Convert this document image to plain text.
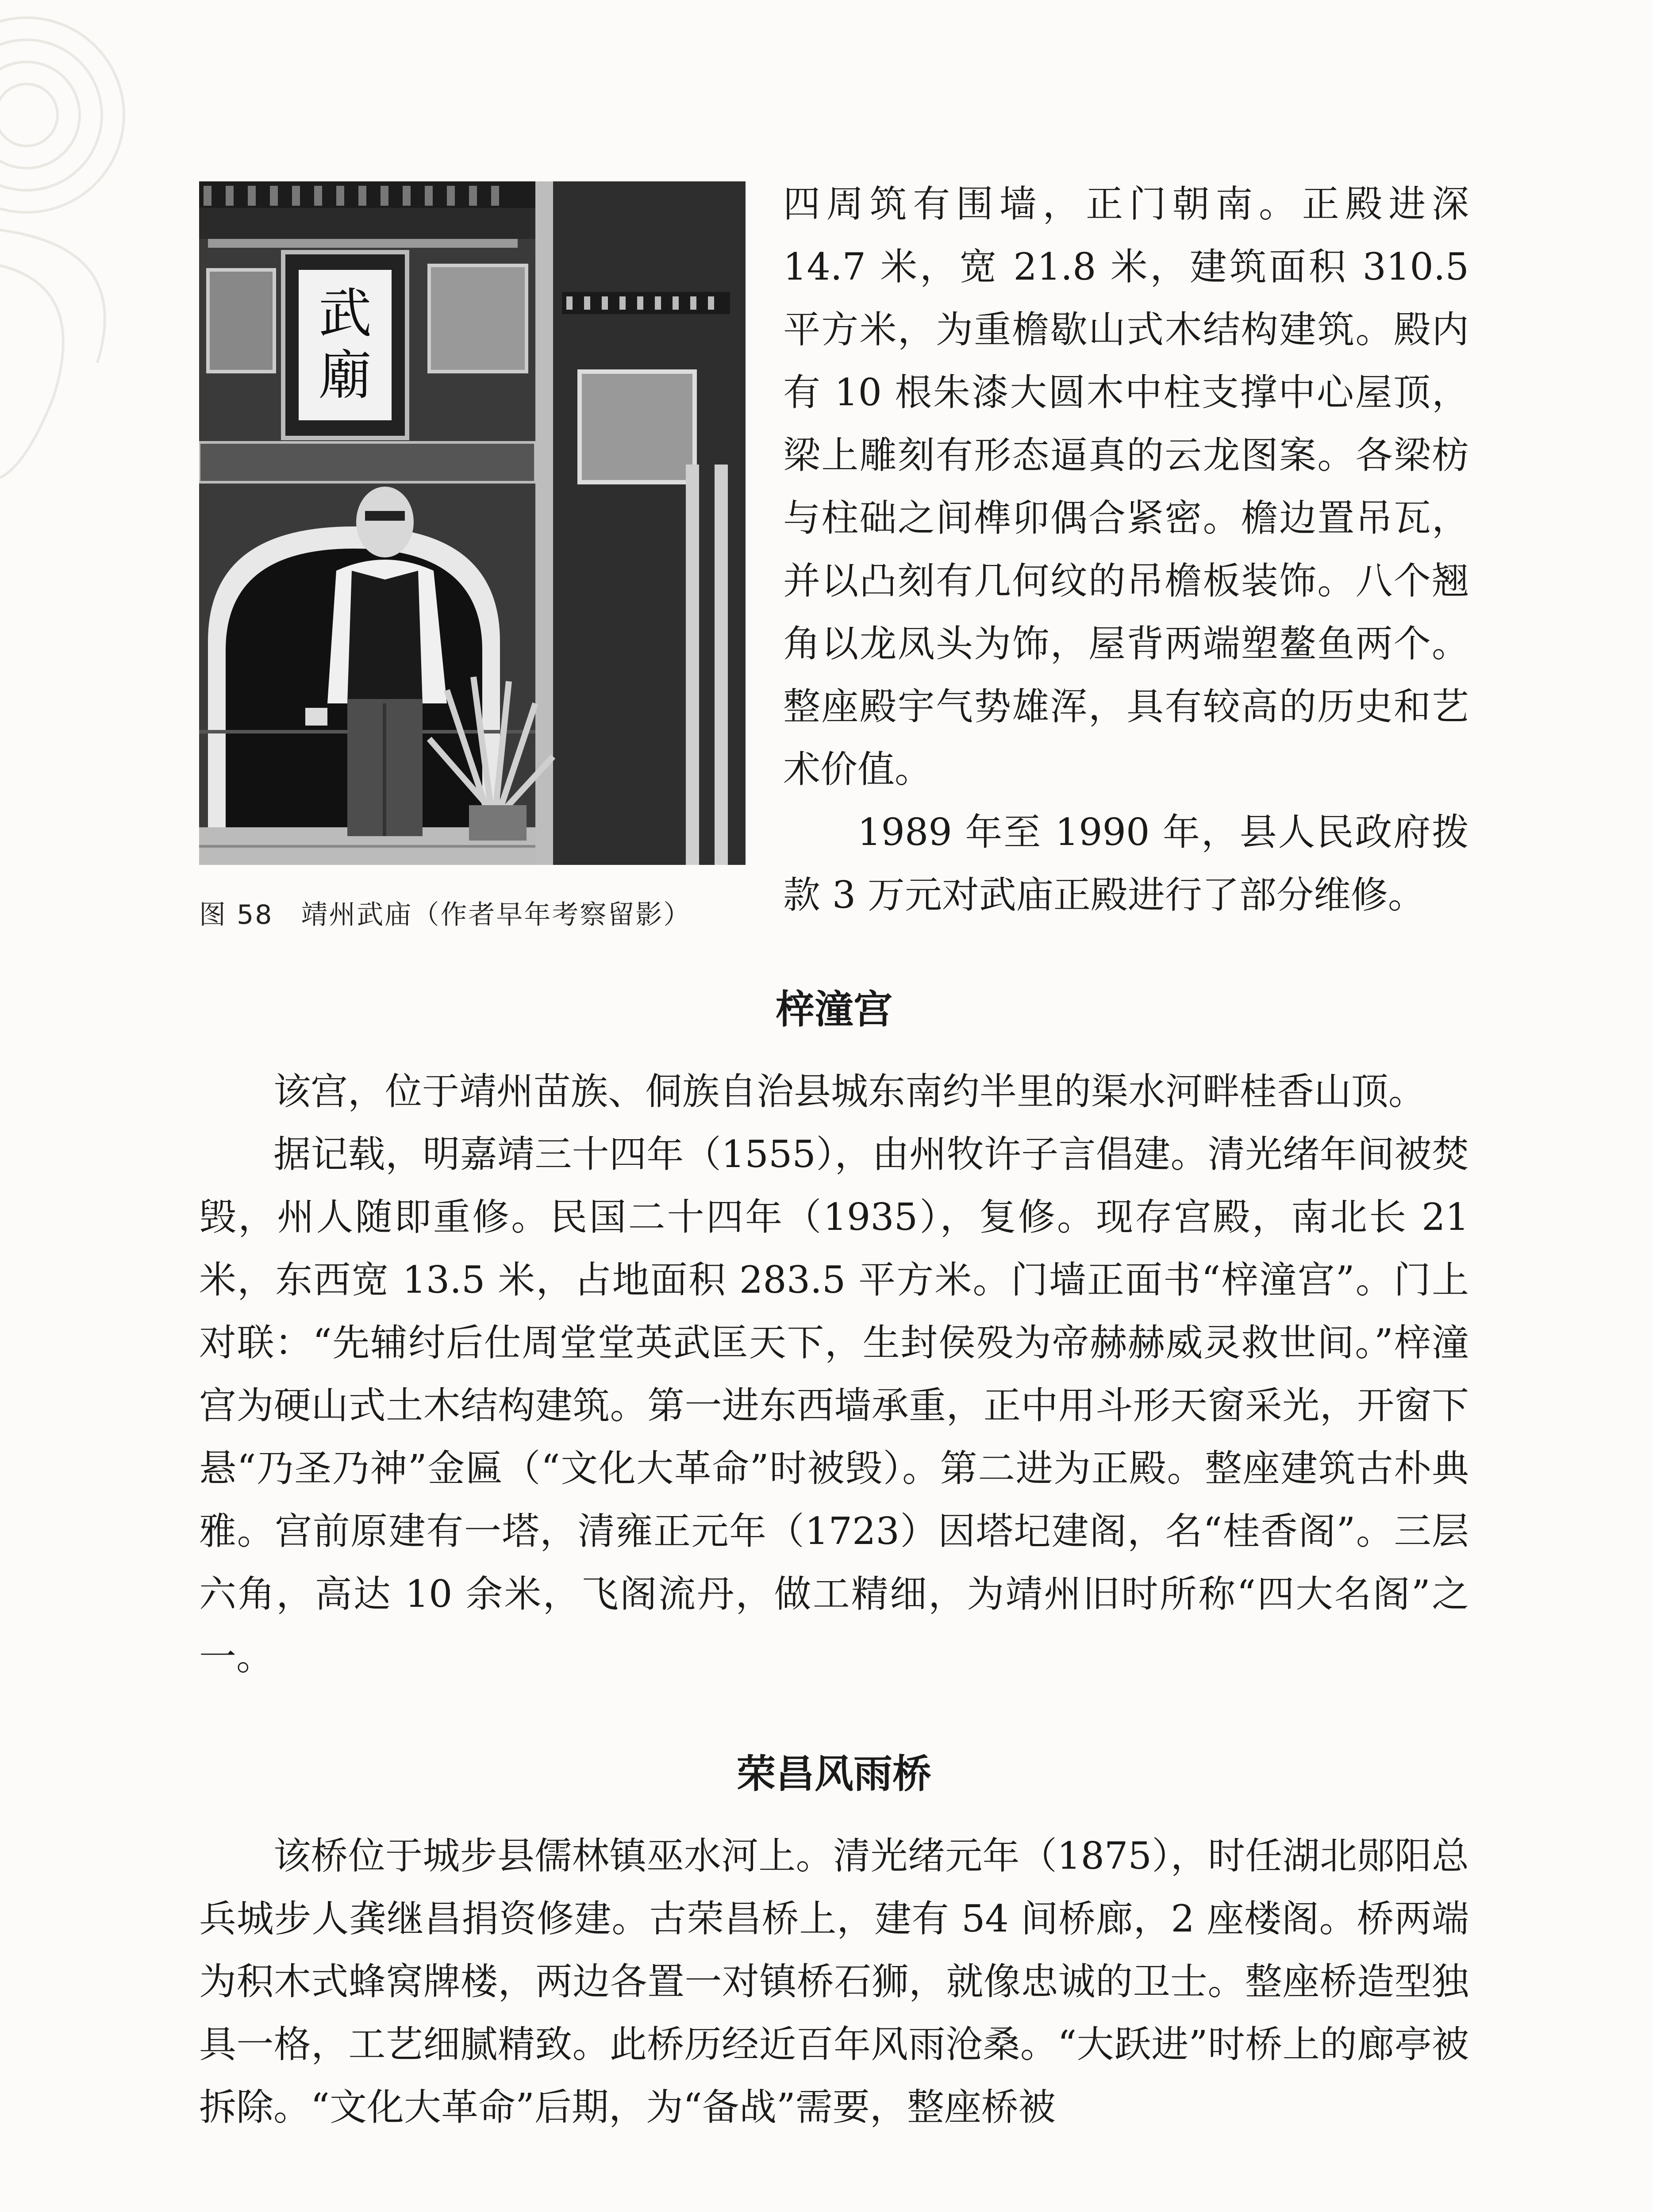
武
廟
图 58　靖州武庙（作者早年考察留影）

四周筑有围墙，正门朝南。正殿进深 14.7 米，宽 21.8 米，建筑面积 310.5 平方米，为重檐歇山式木结构建筑。殿内有 10 根朱漆大圆木中柱支撑中心屋顶，梁上雕刻有形态逼真的云龙图案。各梁枋与柱础之间榫卯偶合紧密。檐边置吊瓦，并以凸刻有几何纹的吊檐板装饰。八个翘角以龙凤头为饰，屋背两端塑鳌鱼两个。整座殿宇气势雄浑，具有较高的历史和艺术价值。

1989 年至 1990 年，县人民政府拨款 3 万元对武庙正殿进行了部分维修。

梓潼宫

该宫，位于靖州苗族、侗族自治县城东南约半里的渠水河畔桂香山顶。

据记载，明嘉靖三十四年（1555），由州牧许子言倡建。清光绪年间被焚毁，州人随即重修。民国二十四年（1935），复修。现存宫殿，南北长 21 米，东西宽 13.5 米，占地面积 283.5 平方米。门墙正面书“梓潼宫”。门上对联：“先辅纣后仕周堂堂英武匡天下，生封侯殁为帝赫赫威灵救世间。”梓潼宫为硬山式土木结构建筑。第一进东西墙承重，正中用斗形天窗采光，开窗下悬“乃圣乃神”金匾（“文化大革命”时被毁）。第二进为正殿。整座建筑古朴典雅。宫前原建有一塔，清雍正元年（1723）因塔圮建阁，名“桂香阁”。三层六角，高达 10 余米，飞阁流丹，做工精细，为靖州旧时所称“四大名阁”之一。

荣昌风雨桥

该桥位于城步县儒林镇巫水河上。清光绪元年（1875），时任湖北郧阳总兵城步人龚继昌捐资修建。古荣昌桥上，建有 54 间桥廊，2 座楼阁。桥两端为积木式蜂窝牌楼，两边各置一对镇桥石狮，就像忠诚的卫士。整座桥造型独具一格，工艺细腻精致。此桥历经近百年风雨沧桑。“大跃进”时桥上的廊亭被拆除。“文化大革命”后期，为“备战”需要，整座桥被
